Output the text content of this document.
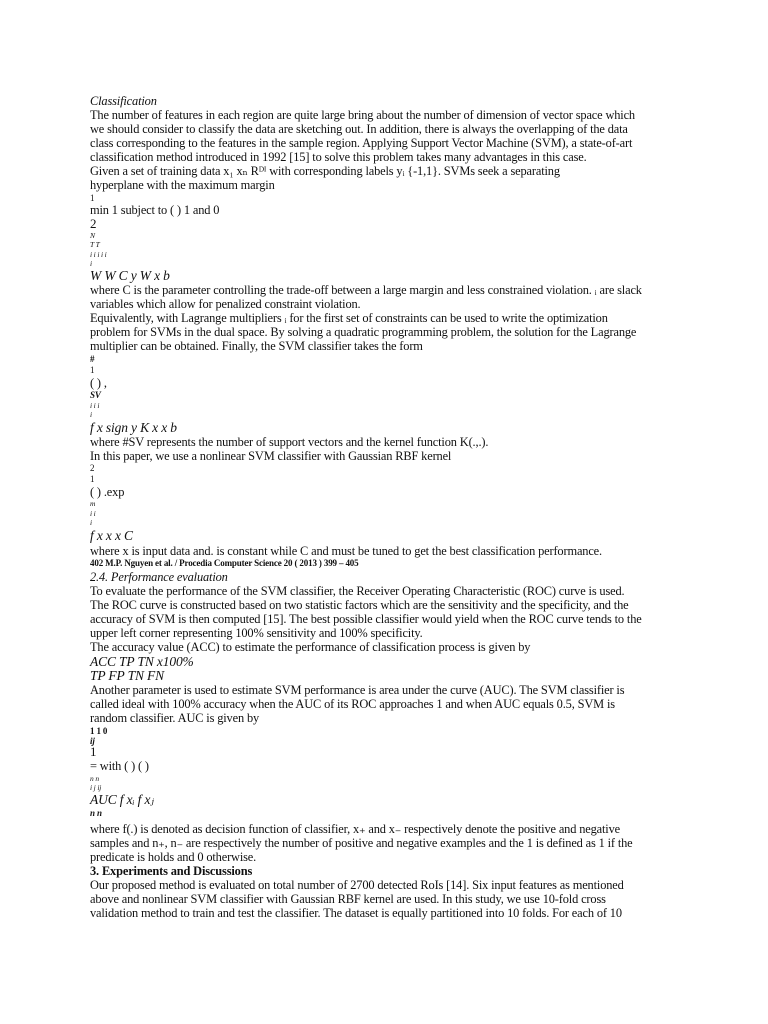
Classification
The number of features in each region are quite large bring about the number of dimension of vector space which
we should consider to classify the data are sketching out. In addition, there is always the overlapping of the data
class corresponding to the features in the sample region. Applying Support Vector Machine (SVM), a state-of-art
classification method introduced in 1992 [15] to solve this problem takes many advantages in this case.
Given a set of training data x₁ xₙ Rᴰᴵ with corresponding labels yᵢ {-1,1}. SVMs seek a separating
hyperplane with the maximum margin
1
min 1 subject to ( ) 1 and 0
2
N
T T
i i i i i
i
W W C y W x b
where C is the parameter controlling the trade-off between a large margin and less constrained violation. ᵢ are slack
variables which allow for penalized constraint violation.
Equivalently, with Lagrange multipliers ᵢ for the first set of constraints can be used to write the optimization
problem for SVMs in the dual space. By solving a quadratic programming problem, the solution for the Lagrange
multiplier can be obtained. Finally, the SVM classifier takes the form
#
1
( ) ,
SV
i i i
i
f x sign y K x x b
where #SV represents the number of support vectors and the kernel function K(.,.).
In this paper, we use a nonlinear SVM classifier with Gaussian RBF kernel
2
1
( ) .exp
m
i i
i
f x x x C
where x is input data and. is constant while C and must be tuned to get the best classification performance.
402 M.P. Nguyen et al. / Procedia Computer Science 20 ( 2013 ) 399 – 405
2.4. Performance evaluation
To evaluate the performance of the SVM classifier, the Receiver Operating Characteristic (ROC) curve is used.
The ROC curve is constructed based on two statistic factors which are the sensitivity and the specificity, and the
accuracy of SVM is then computed [15]. The best possible classifier would yield when the ROC curve tends to the
upper left corner representing 100% sensitivity and 100% specificity.
The accuracy value (ACC) to estimate the performance of classification process is given by
ACC TP TN x100%
TP FP TN FN
Another parameter is used to estimate SVM performance is area under the curve (AUC). The SVM classifier is
called ideal with 100% accuracy when the AUC of its ROC approaches 1 and when AUC equals 0.5, SVM is
random classifier. AUC is given by
1 1 0
ij
1
= with ( ) ( )
n n
i j ij
AUC f xᵢ f xⱼ
n n
where f(.) is denoted as decision function of classifier, x₊ and x₋ respectively denote the positive and negative
samples and n₊, n₋ are respectively the number of positive and negative examples and the 1 is defined as 1 if the
predicate is holds and 0 otherwise.
3. Experiments and Discussions
Our proposed method is evaluated on total number of 2700 detected RoIs [14]. Six input features as mentioned
above and nonlinear SVM classifier with Gaussian RBF kernel are used. In this study, we use 10-fold cross
validation method to train and test the classifier. The dataset is equally partitioned into 10 folds. For each of 10
